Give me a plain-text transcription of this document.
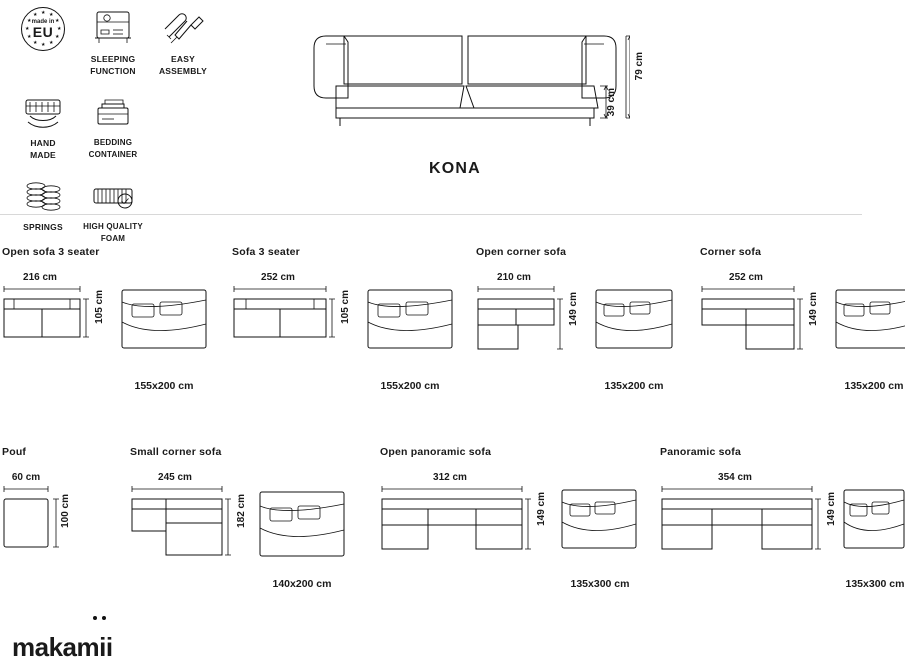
★
★
★
★
★
★ ★ ★
★
★
★
★
made in
EU
SLEEPING
FUNCTION
EASY
ASSEMBLY
HAND
MADE
BEDDING
CONTAINER
SPRINGS	HIGH QUALITY
FOAM
79 cm
39 cm
KONA
Open sofa 3 seater
216 cm
105 cm
155x200 cm
Sofa 3 seater
252 cm
105 cm
155x200 cm
Open corner sofa
210 cm
149 cm
135x200 cm
Corner sofa
252 cm
149 cm
135x200 cm
Pouf
60 cm
100 cm
Small corner sofa
245 cm
182 cm
140x200 cm
Open panoramic sofa
312 cm
149 cm
135x300 cm
Panoramic sofa
354 cm
149 cm
135x300 cm
makamii
